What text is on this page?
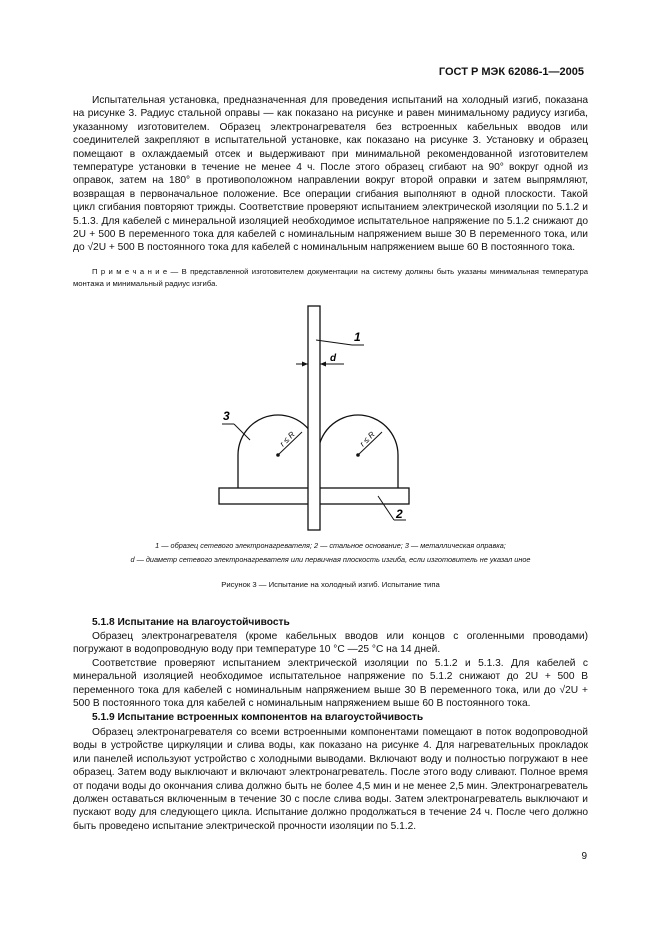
ГОСТ Р МЭК 62086-1—2005
Испытательная установка, предназначенная для проведения испытаний на холодный изгиб, показана на рисунке 3. Радиус стальной оправы — как показано на рисунке и равен минимальному радиусу изгиба, указанному изготовителем. Образец электронагревателя без встроенных кабельных вводов или соединителей закрепляют в испытательной установке, как показано на рисунке 3. Установку и образец помещают в охлаждаемый отсек и выдерживают при минимальной рекомендованной изготовителем температуре установки в течение не менее 4 ч. После этого образец сгибают на 90° вокруг одной из оправок, затем на 180° в противоположном направлении вокруг второй оправки и затем выпрямляют, возвращая в первоначальное положение. Все операции сгибания выполняют в одной плоскости. Такой цикл сгибания повторяют трижды. Соответствие проверяют испытанием электрической изоляции по 5.1.2 и 5.1.3. Для кабелей с минеральной изоляцией необходимое испытательное напряжение по 5.1.2 снижают до 2U + 500 В переменного тока для кабелей с номинальным напряжением выше 30 В переменного тока, или до √2U + 500 В постоянного тока для кабелей с номинальным напряжением выше 60 В постоянного тока.
П р и м е ч а н и е — В представленной изготовителем документации на систему должны быть указаны минимальная температура монтажа и минимальный радиус изгиба.
r ≤ R	r ≤ R
d
1
2
3
1 — образец сетевого электронагревателя; 2 — стальное основание; 3 — металлическая оправка;
d — диаметр сетевого электронагревателя или первичная плоскость изгиба, если изготовитель не указал иное
Рисунок 3 — Испытание на холодный изгиб. Испытание типа
5.1.8 Испытание на влагоустойчивость
Образец электронагревателя (кроме кабельных вводов или концов с оголенными проводами) погружают в водопроводную воду при температуре 10 °С —25 °С на 14 дней.
Соответствие проверяют испытанием электрической изоляции по 5.1.2 и 5.1.3. Для кабелей с минеральной изоляцией необходимое испытательное напряжение по 5.1.2 снижают до 2U + 500 В переменного тока для кабелей с номинальным напряжением выше 30 В переменного тока, или до √2U + 500 В постоянного тока для кабелей с номинальным напряжением выше 60 В постоянного тока.
5.1.9 Испытание встроенных компонентов на влагоустойчивость
Образец электронагревателя со всеми встроенными компонентами помещают в поток водопроводной воды в устройстве циркуляции и слива воды, как показано на рисунке 4. Для нагревательных прокладок или панелей используют устройство с холодными выводами. Включают воду и полностью погружают в нее образец. Затем воду выключают и включают электронагреватель. После этого воду сливают. Полное время от подачи воды до окончания слива должно быть не более 4,5 мин и не менее 2,5 мин. Электронагреватель должен оставаться включенным в течение 30 с после слива воды. Затем электронагреватель выключают и пускают воду для следующего цикла. Испытание должно продолжаться в течение 24 ч. После чего должно быть проведено испытание электрической прочности изоляции по 5.1.2.
9
